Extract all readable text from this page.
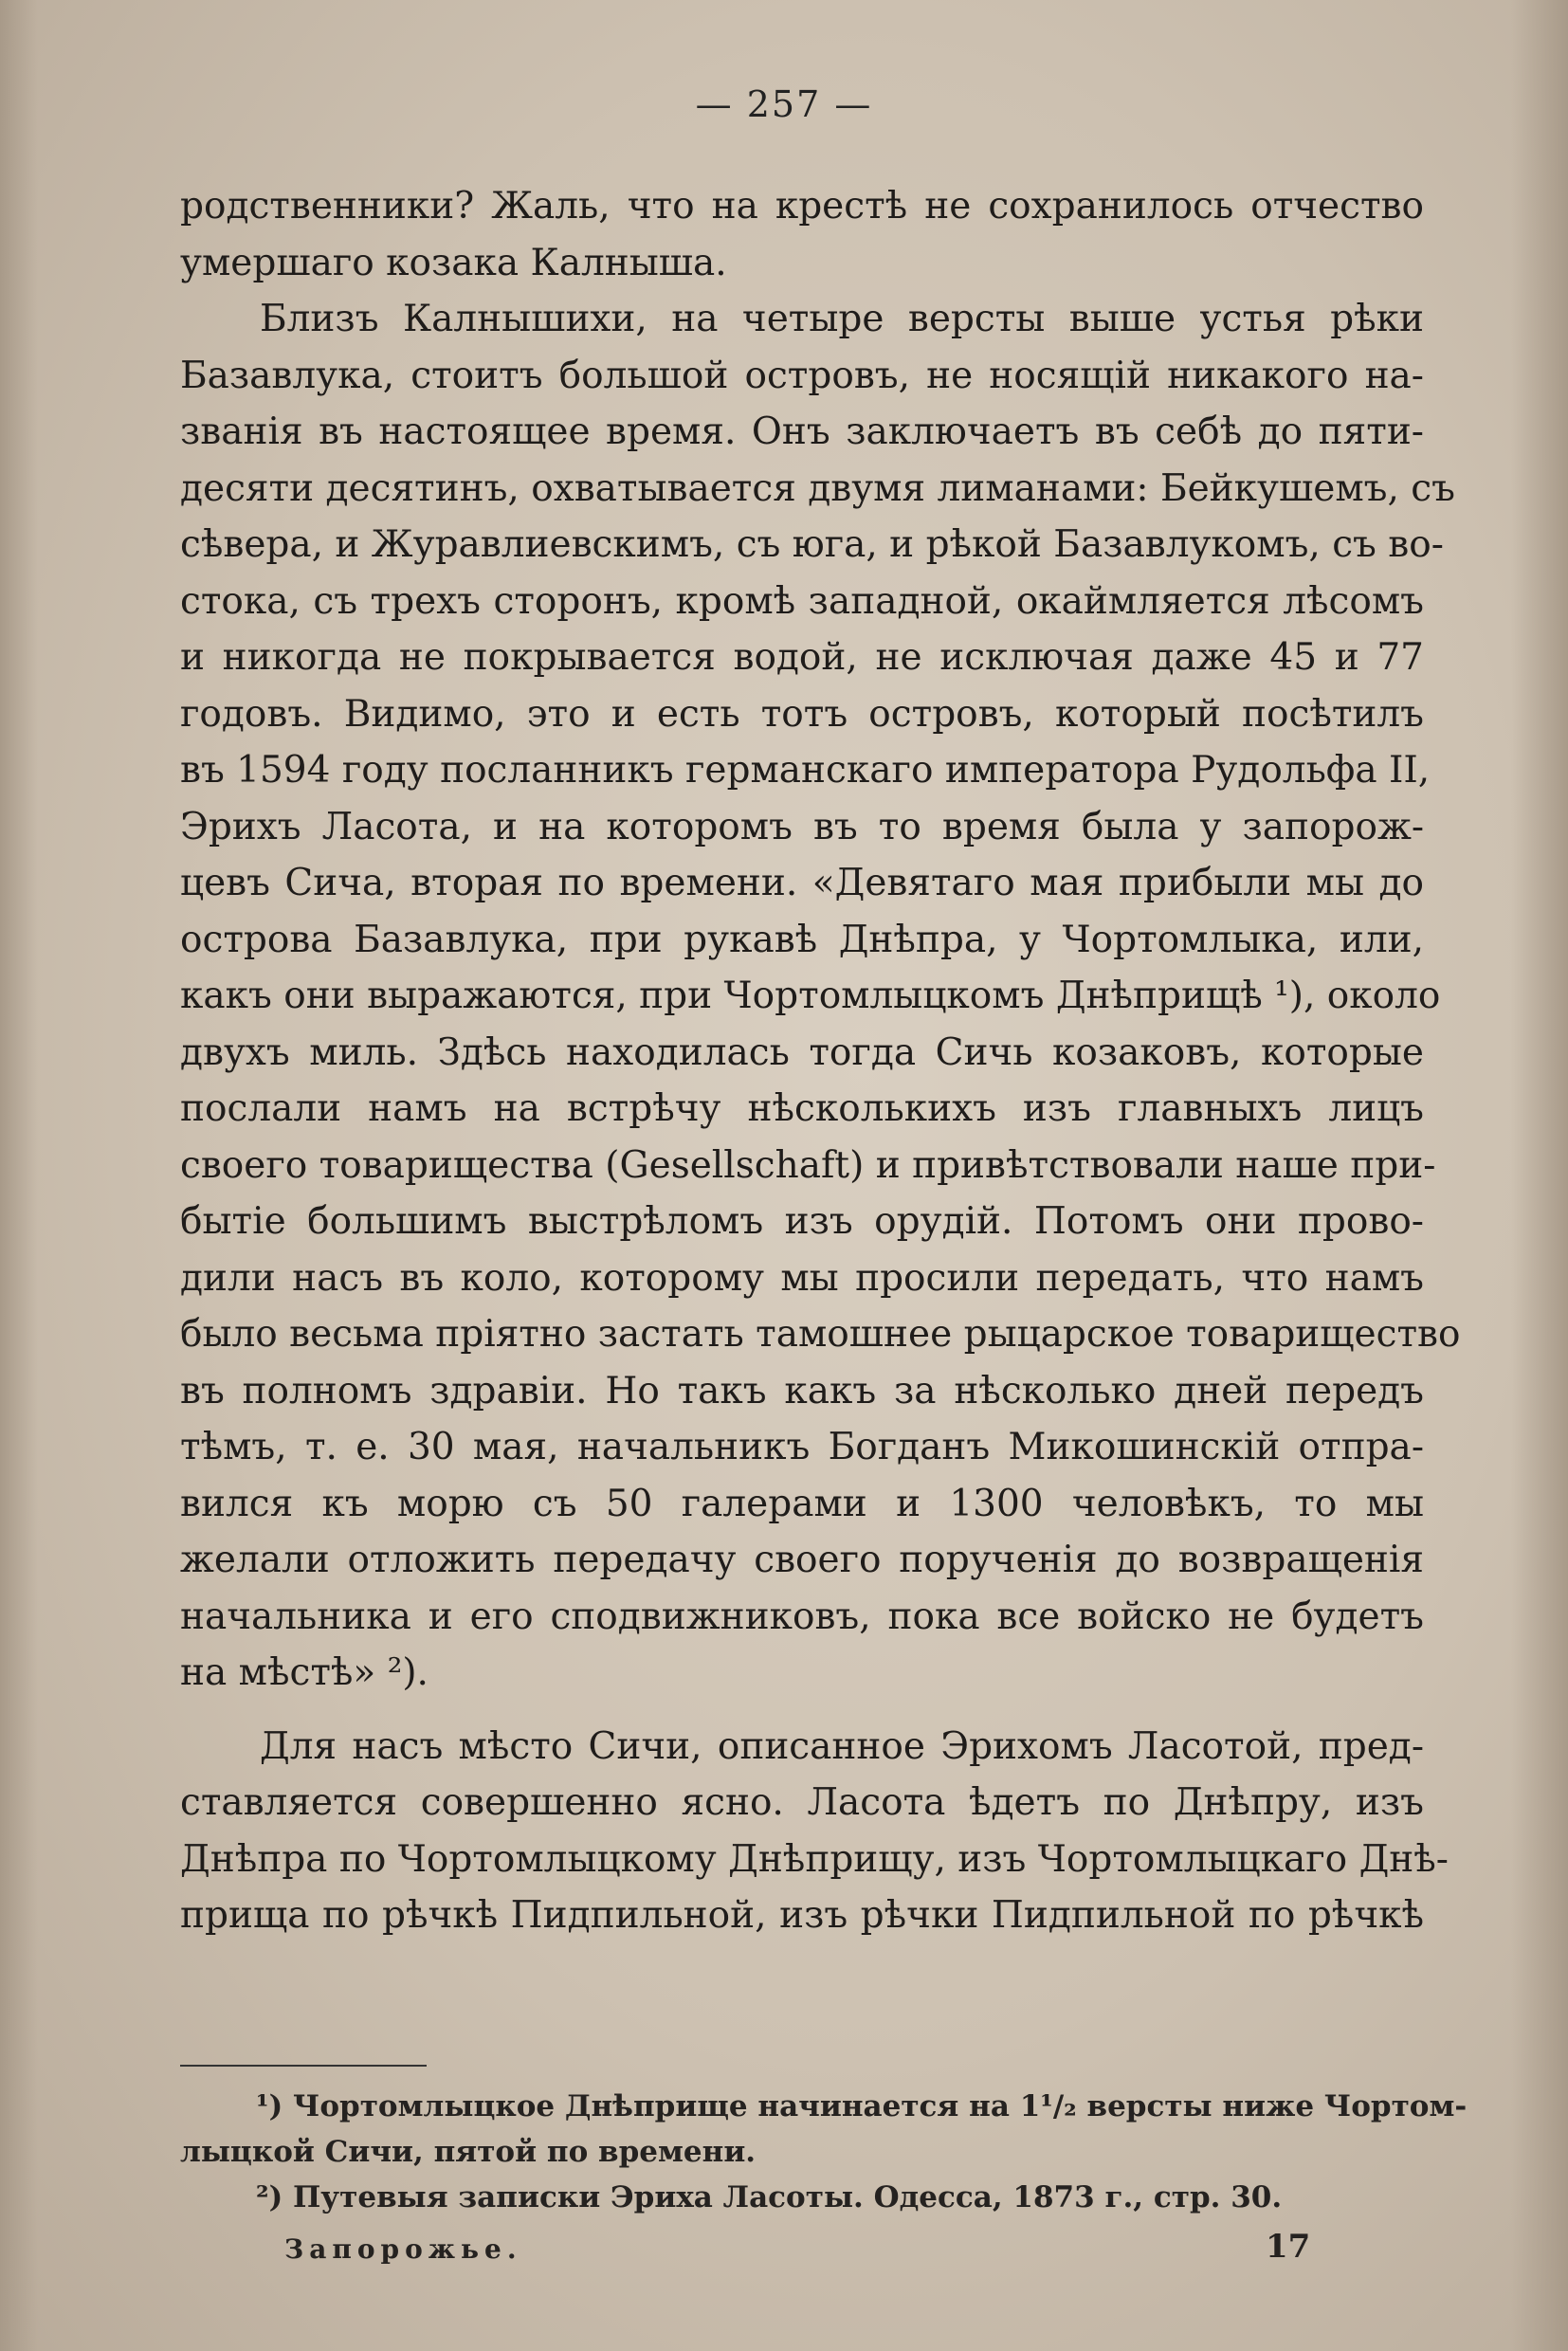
— 257 —
родственники? Жаль, что на крестѣ не сохранилось отчество
умершаго козака Калныша.
Близъ Калнышихи, на четыре версты выше устья рѣки
Базавлука, стоитъ большой островъ, не носящій никакого на-
званія въ настоящее время. Онъ заключаетъ въ себѣ до пяти-
десяти десятинъ, охватывается двумя лиманами: Бейкушемъ, съ
сѣвера, и Журавлиевскимъ, съ юга, и рѣкой Базавлукомъ, съ во-
стока, съ трехъ сторонъ, кромѣ западной, окаймляется лѣсомъ
и никогда не покрывается водой, не исключая даже 45 и 77
годовъ. Видимо, это и есть тотъ островъ, который посѣтилъ
въ 1594 году посланникъ германскаго императора Рудольфа II,
Эрихъ Ласота, и на которомъ въ то время была у запорож-
цевъ Сича, вторая по времени. «Девятаго мая прибыли мы до
острова Базавлука, при рукавѣ Днѣпра, у Чортомлыка, или,
какъ они выражаются, при Чортомлыцкомъ Днѣприщѣ ¹), около
двухъ миль. Здѣсь находилась тогда Сичь козаковъ, которые
послали намъ на встрѣчу нѣсколькихъ изъ главныхъ лицъ
своего товарищества (Gesellschaft) и привѣтствовали наше при-
бытіе большимъ выстрѣломъ изъ орудій. Потомъ они прово-
дили насъ въ коло, которому мы просили передать, что намъ
было весьма пріятно застать тамошнее рыцарское товарищество
въ полномъ здравіи. Но такъ какъ за нѣсколько дней передъ
тѣмъ, т. е. 30 мая, начальникъ Богданъ Микошинскій отпра-
вился къ морю съ 50 галерами и 1300 человѣкъ, то мы
желали отложить передачу своего порученія до возвращенія
начальника и его сподвижниковъ, пока все войско не будетъ
на мѣстѣ» ²).
Для насъ мѣсто Сичи, описанное Эрихомъ Ласотой, пред-
ставляется совершенно ясно. Ласота ѣдетъ по Днѣпру, изъ
Днѣпра по Чортомлыцкому Днѣприщу, изъ Чортомлыцкаго Днѣ-
прища по рѣчкѣ Пидпильной, изъ рѣчки Пидпильной по рѣчкѣ
¹) Чортомлыцкое Днѣприще начинается на 1¹/₂ версты ниже Чортом-
лыцкой Сичи, пятой по времени.
²) Путевыя записки Эриха Ласоты. Одесса, 1873 г., стр. 30.
Запорожье.	17
